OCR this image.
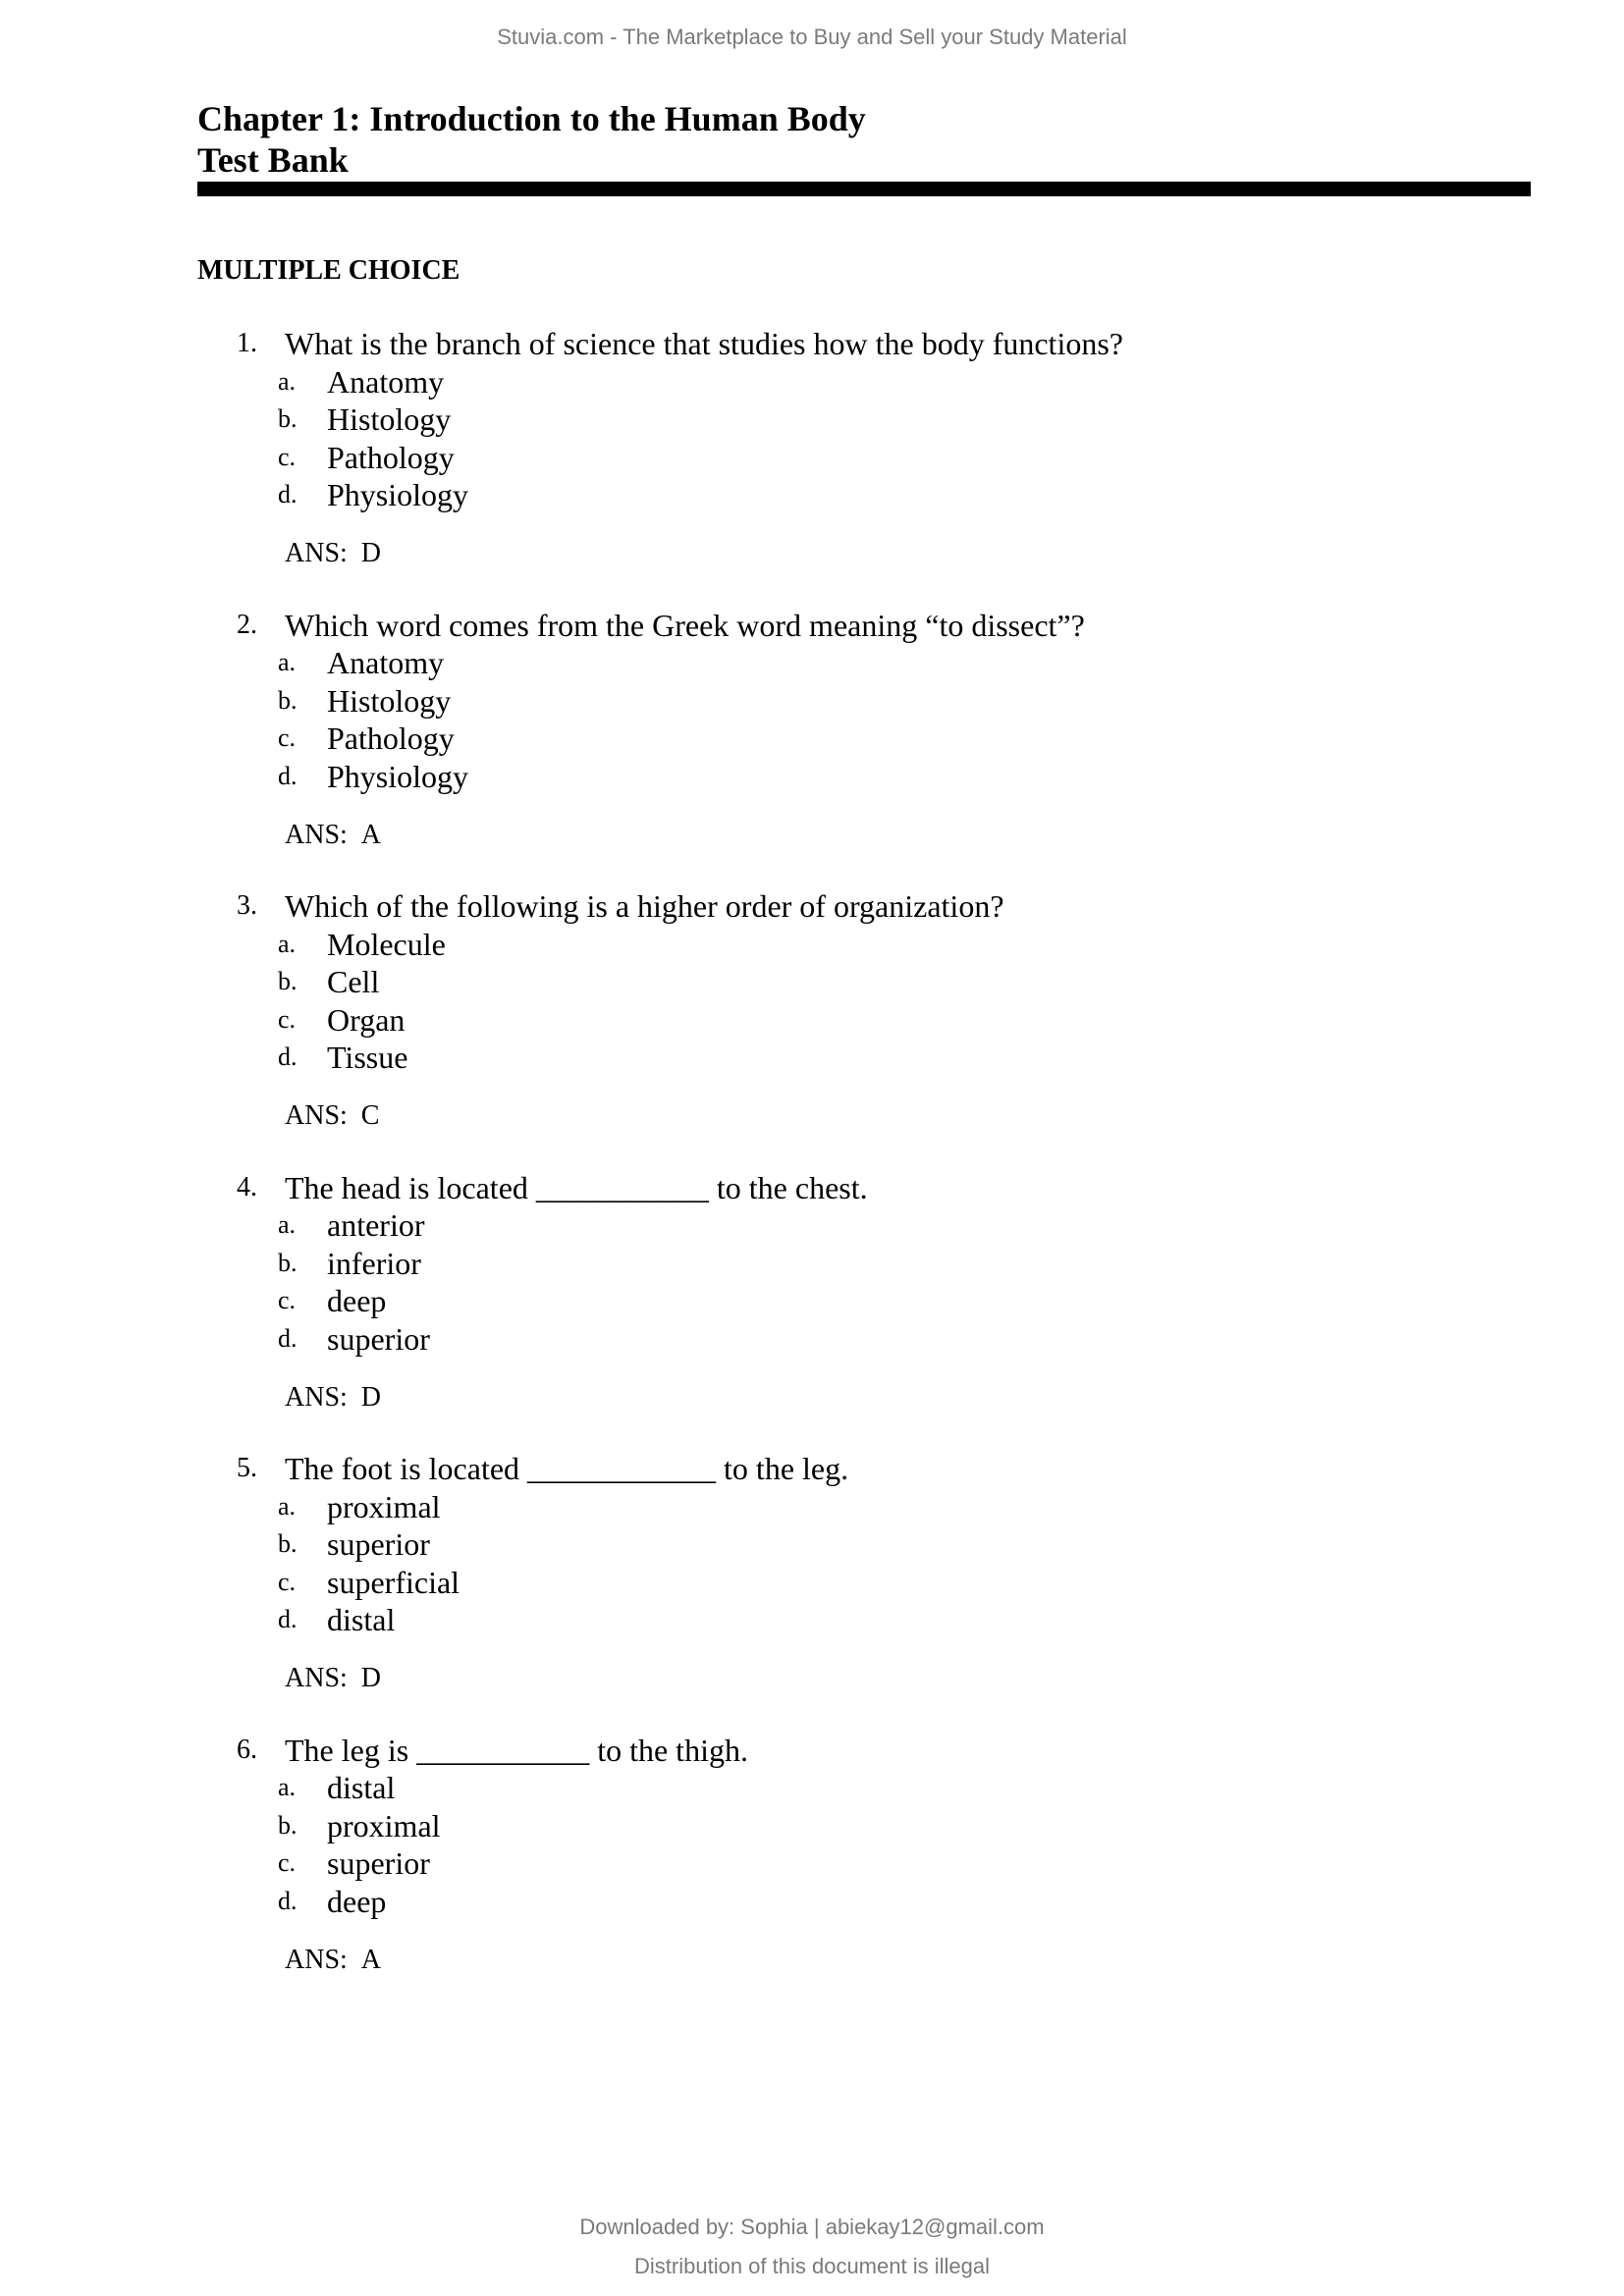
Stuvia.com - The Marketplace to Buy and Sell your Study Material
Chapter 1: Introduction to the Human Body
Test Bank
MULTIPLE CHOICE
1. What is the branch of science that studies how the body functions?
a. Anatomy
b. Histology
c. Pathology
d. Physiology
ANS: D
2. Which word comes from the Greek word meaning “to dissect”?
a. Anatomy
b. Histology
c. Pathology
d. Physiology
ANS: A
3. Which of the following is a higher order of organization?
a. Molecule
b. Cell
c. Organ
d. Tissue
ANS: C
4. The head is located ___________ to the chest.
a. anterior
b. inferior
c. deep
d. superior
ANS: D
5. The foot is located ____________ to the leg.
a. proximal
b. superior
c. superficial
d. distal
ANS: D
6. The leg is ___________ to the thigh.
a. distal
b. proximal
c. superior
d. deep
ANS: A
Downloaded by: Sophia | abiekay12@gmail.com
Distribution of this document is illegal
